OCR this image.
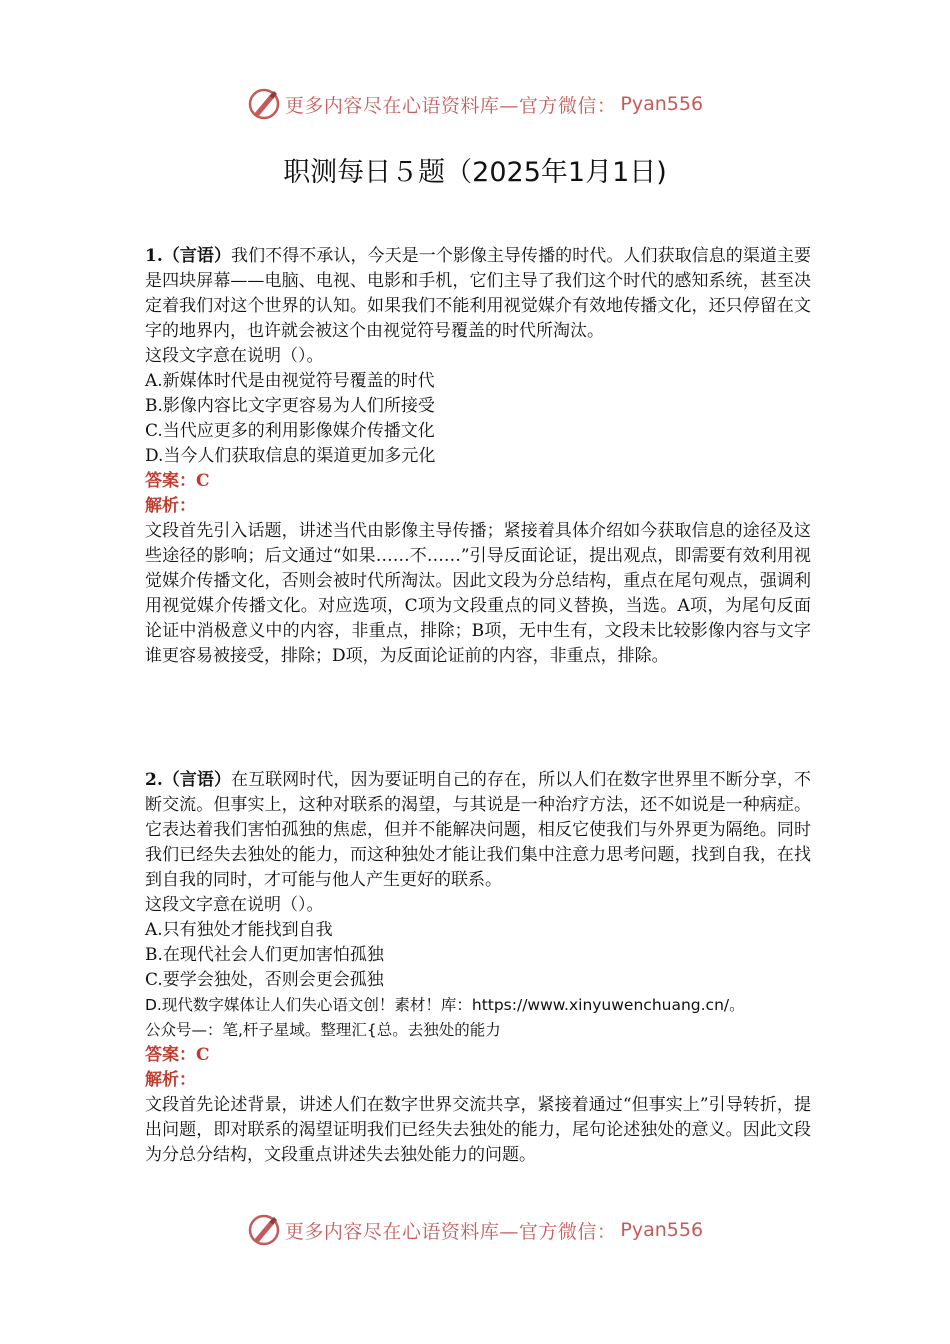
更多内容尽在心语资料库—官方微信： Pyan556
职测每日５题（2025年1月1日)

1.（言语）我们不得不承认，今天是一个影像主导传播的时代。人们获取信息的渠道主要是四块屏幕——电脑、电视、电影和手机，它们主导了我们这个时代的感知系统，甚至决定着我们对这个世界的认知。如果我们不能利用视觉媒介有效地传播文化，还只停留在文字的地界内，也许就会被这个由视觉符号覆盖的时代所淘汰。

这段文字意在说明（）。

A.新媒体时代是由视觉符号覆盖的时代

B.影像内容比文字更容易为人们所接受

C.当代应更多的利用影像媒介传播文化

D.当今人们获取信息的渠道更加多元化

答案：C

解析：

文段首先引入话题，讲述当代由影像主导传播；紧接着具体介绍如今获取信息的途径及这些途径的影响；后文通过“如果……不……”引导反面论证，提出观点，即需要有效利用视觉媒介传播文化，否则会被时代所淘汰。因此文段为分总结构，重点在尾句观点，强调利用视觉媒介传播文化。对应选项，C项为文段重点的同义替换，当选。A项，为尾句反面论证中消极意义中的内容，非重点，排除；B项，无中生有，文段未比较影像内容与文字谁更容易被接受，排除；D项，为反面论证前的内容，非重点，排除。

2.（言语）在互联网时代，因为要证明自己的存在，所以人们在数字世界里不断分享，不断交流。但事实上，这种对联系的渴望，与其说是一种治疗方法，还不如说是一种病症。它表达着我们害怕孤独的焦虑，但并不能解决问题，相反它使我们与外界更为隔绝。同时我们已经失去独处的能力，而这种独处才能让我们集中注意力思考问题，找到自我，在找到自我的同时，才可能与他人产生更好的联系。

这段文字意在说明（）。

A.只有独处才能找到自我

B.在现代社会人们更加害怕孤独

C.要学会独处，否则会更会孤独

D.现代数字媒体让人们失心语文创！素材！库：https://www.xinyuwenchuang.cn/。

公众号—：笔,杆子星域。整理汇{总。去独处的能力

答案：C

解析：

文段首先论述背景，讲述人们在数字世界交流共享，紧接着通过“但事实上”引导转折，提出问题，即对联系的渴望证明我们已经失去独处的能力，尾句论述独处的意义。因此文段为分总分结构，文段重点讲述失去独处能力的问题。

更多内容尽在心语资料库—官方微信： Pyan556
